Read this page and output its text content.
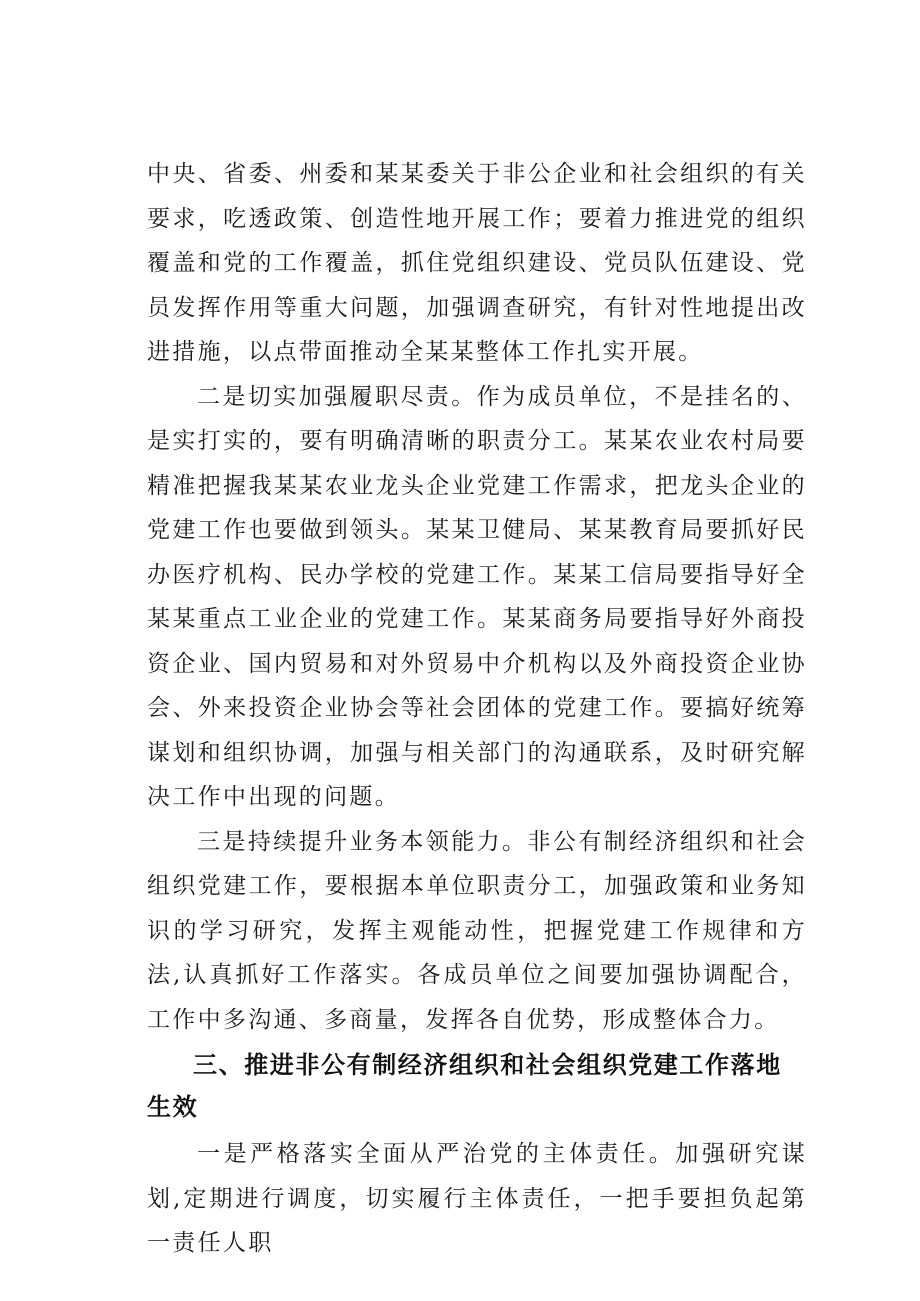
中央、省委、州委和某某委关于非公企业和社会组织的有关要求，吃透政策、创造性地开展工作；要着力推进党的组织覆盖和党的工作覆盖，抓住党组织建设、党员队伍建设、党员发挥作用等重大问题，加强调查研究，有针对性地提出改进措施，以点带面推动全某某整体工作扎实开展。

二是切实加强履职尽责。作为成员单位，不是挂名的、是实打实的，要有明确清晰的职责分工。某某农业农村局要精准把握我某某农业龙头企业党建工作需求，把龙头企业的党建工作也要做到领头。某某卫健局、某某教育局要抓好民办医疗机构、民办学校的党建工作。某某工信局要指导好全某某重点工业企业的党建工作。某某商务局要指导好外商投资企业、国内贸易和对外贸易中介机构以及外商投资企业协会、外来投资企业协会等社会团体的党建工作。要搞好统筹谋划和组织协调，加强与相关部门的沟通联系，及时研究解决工作中出现的问题。

三是持续提升业务本领能力。非公有制经济组织和社会组织党建工作，要根据本单位职责分工，加强政策和业务知识的学习研究，发挥主观能动性，把握党建工作规律和方法,认真抓好工作落实。各成员单位之间要加强协调配合，工作中多沟通、多商量，发挥各自优势，形成整体合力。

三、推进非公有制经济组织和社会组织党建工作落地生效

一是严格落实全面从严治党的主体责任。加强研究谋划,定期进行调度，切实履行主体责任，一把手要担负起第一责任人职
